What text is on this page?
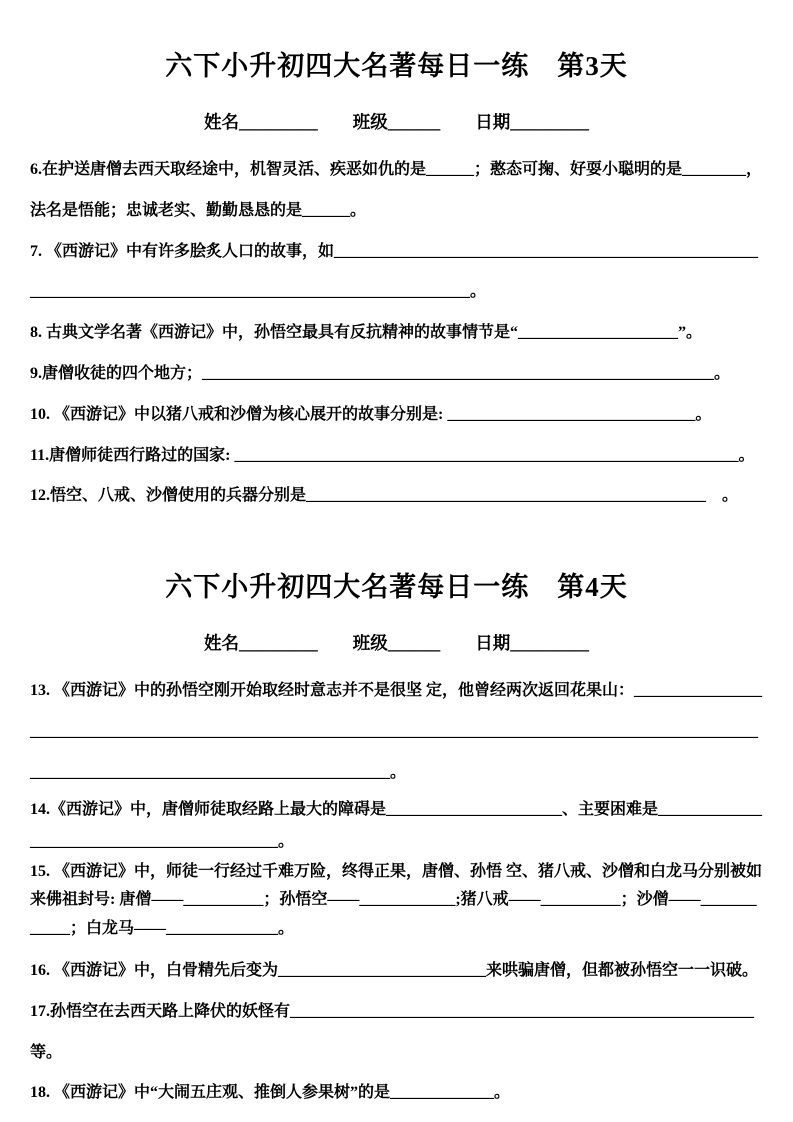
六下小升初四大名著每日一练　第3天
姓名_________　　班级______　　日期_________

6.在护送唐僧去西天取经途中，机智灵活、疾恶如仇的是______；憨态可掬、好耍小聪明的是________，法名是悟能；忠诚老实、勤勤恳恳的是______。

7. 《西游记》中有许多脍炙人口的故事，如____________________________________________________________________________________________________________。

8. 古典文学名著《西游记》中，孙悟空最具有反抗精神的故事情节是“____________________”。

9.唐僧收徒的四个地方；________________________________________________________________。

10. 《西游记》中以猪八戒和沙僧为核心展开的故事分别是: _______________________________。

11.唐僧师徒西行路过的国家: _______________________________________________________________。

12.悟空、八戒、沙僧使用的兵器分别是__________________________________________________　。

六下小升初四大名著每日一练　第4天
姓名_________　　班级______　　日期_________

13. 《西游记》中的孙悟空刚开始取经时意志并不是很坚 定，他曾经两次返回花果山：________________________________________________________________________________________________________________________________________________________。

14.《西游记》中，唐僧师徒取经路上最大的障碍是______________________、主要困难是____________________________________________。

15. 《西游记》中，师徒一行经过千难万险，终得正果，唐僧、孙悟 空、猪八戒、沙僧和白龙马分别被如来佛祖封号: 唐僧——__________；孙悟空——____________;猪八戒——__________；沙僧——____________；白龙马——______________。

16. 《西游记》中，白骨精先后变为__________________________来哄骗唐僧，但都被孙悟空一一识破。

17.孙悟空在去西天路上降伏的妖怪有__________________________________________________________等。

18. 《西游记》中“大闹五庄观、推倒人参果树”的是_____________。
